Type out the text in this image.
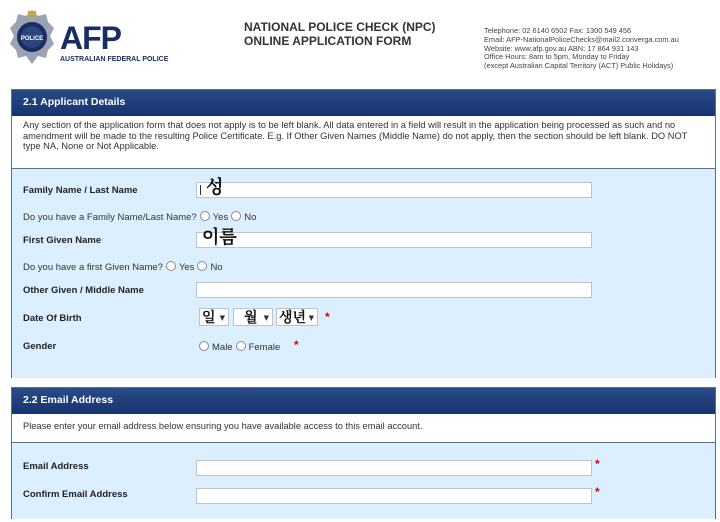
POLICE AFP
AUSTRALIAN FEDERAL POLICE
NATIONAL POLICE CHECK (NPC)
ONLINE APPLICATION FORM
Telephone: 02 6140 6502 Fax: 1300 549 456
Email: AFP-NationalPoliceChecks@mail2.converga.com.au
Website: www.afp.gov.au ABN: 17 864 931 143
Office Hours: 8am to 5pm, Monday to Friday
(except Australian Capital Territory (ACT) Public Holidays)
2.1 Applicant Details
Any section of the application form that does not apply is to be left blank. All data entered in a field will result in the application being processed as such and no amendment will be made to the resulting Police Certificate. E.g. If Other Given Names (Middle Name) do not apply, then the section should be left blank. DO NOT type NA, None or Not Applicable.
Family Name / Last Name	성
Do you have a Family Name/Last Name? Yes No
First Given Name	이름
Do you have a first Given Name? Yes No
Other Given / Middle Name
Date Of Birth	일 ▼	월 ▼ 생년 ▼ *
Gender	Male Female *
2.2 Email Address
Please enter your email address below ensuring you have available access to this email account.
Email Address	*
Confirm Email Address	*
